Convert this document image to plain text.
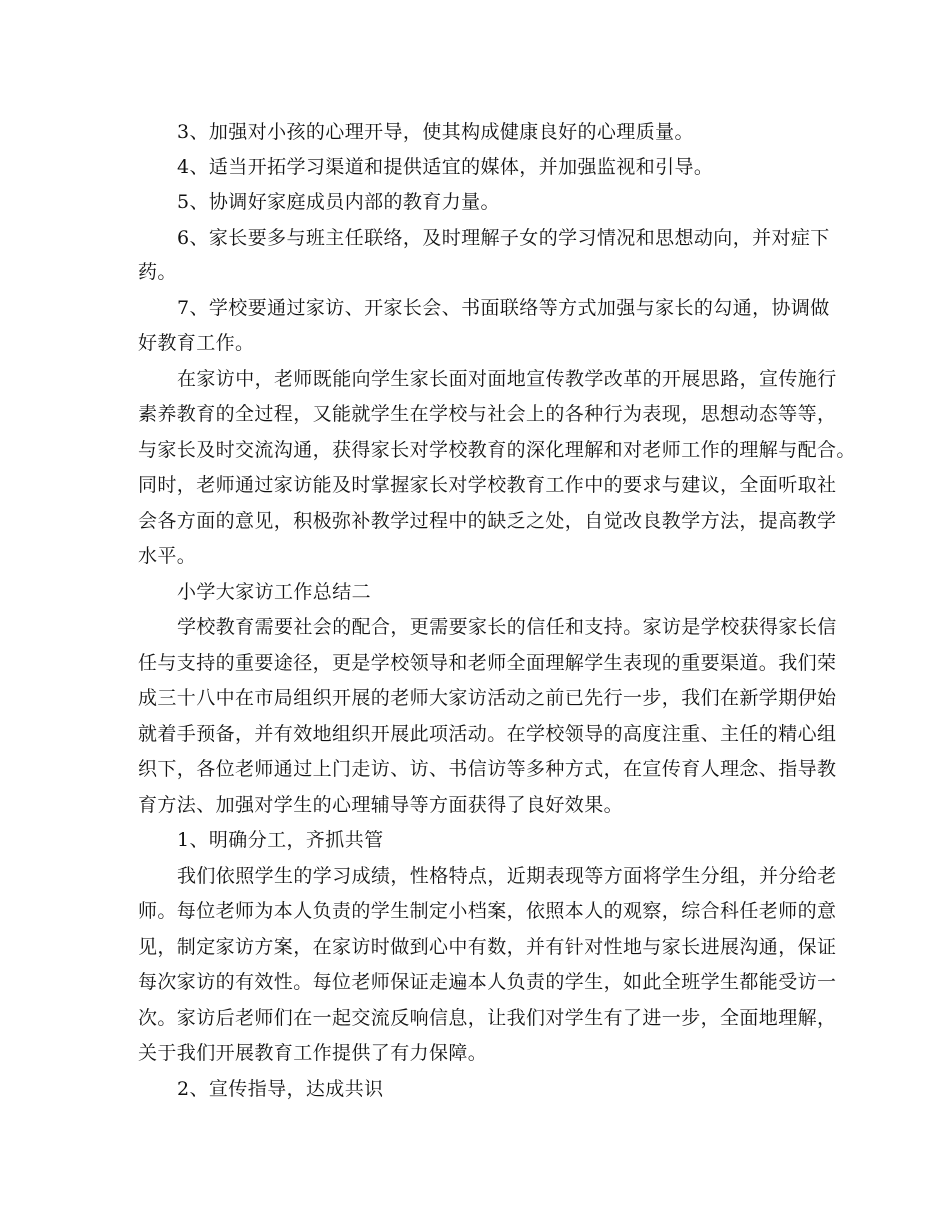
3、加强对小孩的心理开导，使其构成健康良好的心理质量。
4、适当开拓学习渠道和提供适宜的媒体，并加强监视和引导。
5、协调好家庭成员内部的教育力量。
6、家长要多与班主任联络，及时理解子女的学习情况和思想动向，并对症下
药。
7、学校要通过家访、开家长会、书面联络等方式加强与家长的勾通，协调做
好教育工作。
在家访中，老师既能向学生家长面对面地宣传教学改革的开展思路，宣传施行
素养教育的全过程，又能就学生在学校与社会上的各种行为表现，思想动态等等，
与家长及时交流沟通，获得家长对学校教育的深化理解和对老师工作的理解与配合。
同时，老师通过家访能及时掌握家长对学校教育工作中的要求与建议，全面听取社
会各方面的意见，积极弥补教学过程中的缺乏之处，自觉改良教学方法，提高教学
水平。
小学大家访工作总结二
学校教育需要社会的配合，更需要家长的信任和支持。家访是学校获得家长信
任与支持的重要途径，更是学校领导和老师全面理解学生表现的重要渠道。我们荣
成三十八中在市局组织开展的老师大家访活动之前已先行一步，我们在新学期伊始
就着手预备，并有效地组织开展此项活动。在学校领导的高度注重、主任的精心组
织下，各位老师通过上门走访、访、书信访等多种方式，在宣传育人理念、指导教
育方法、加强对学生的心理辅导等方面获得了良好效果。
1、明确分工，齐抓共管
我们依照学生的学习成绩，性格特点，近期表现等方面将学生分组，并分给老
师。每位老师为本人负责的学生制定小档案，依照本人的观察，综合科任老师的意
见，制定家访方案，在家访时做到心中有数，并有针对性地与家长进展沟通，保证
每次家访的有效性。每位老师保证走遍本人负责的学生，如此全班学生都能受访一
次。家访后老师们在一起交流反响信息，让我们对学生有了进一步，全面地理解，
关于我们开展教育工作提供了有力保障。
2、宣传指导，达成共识
